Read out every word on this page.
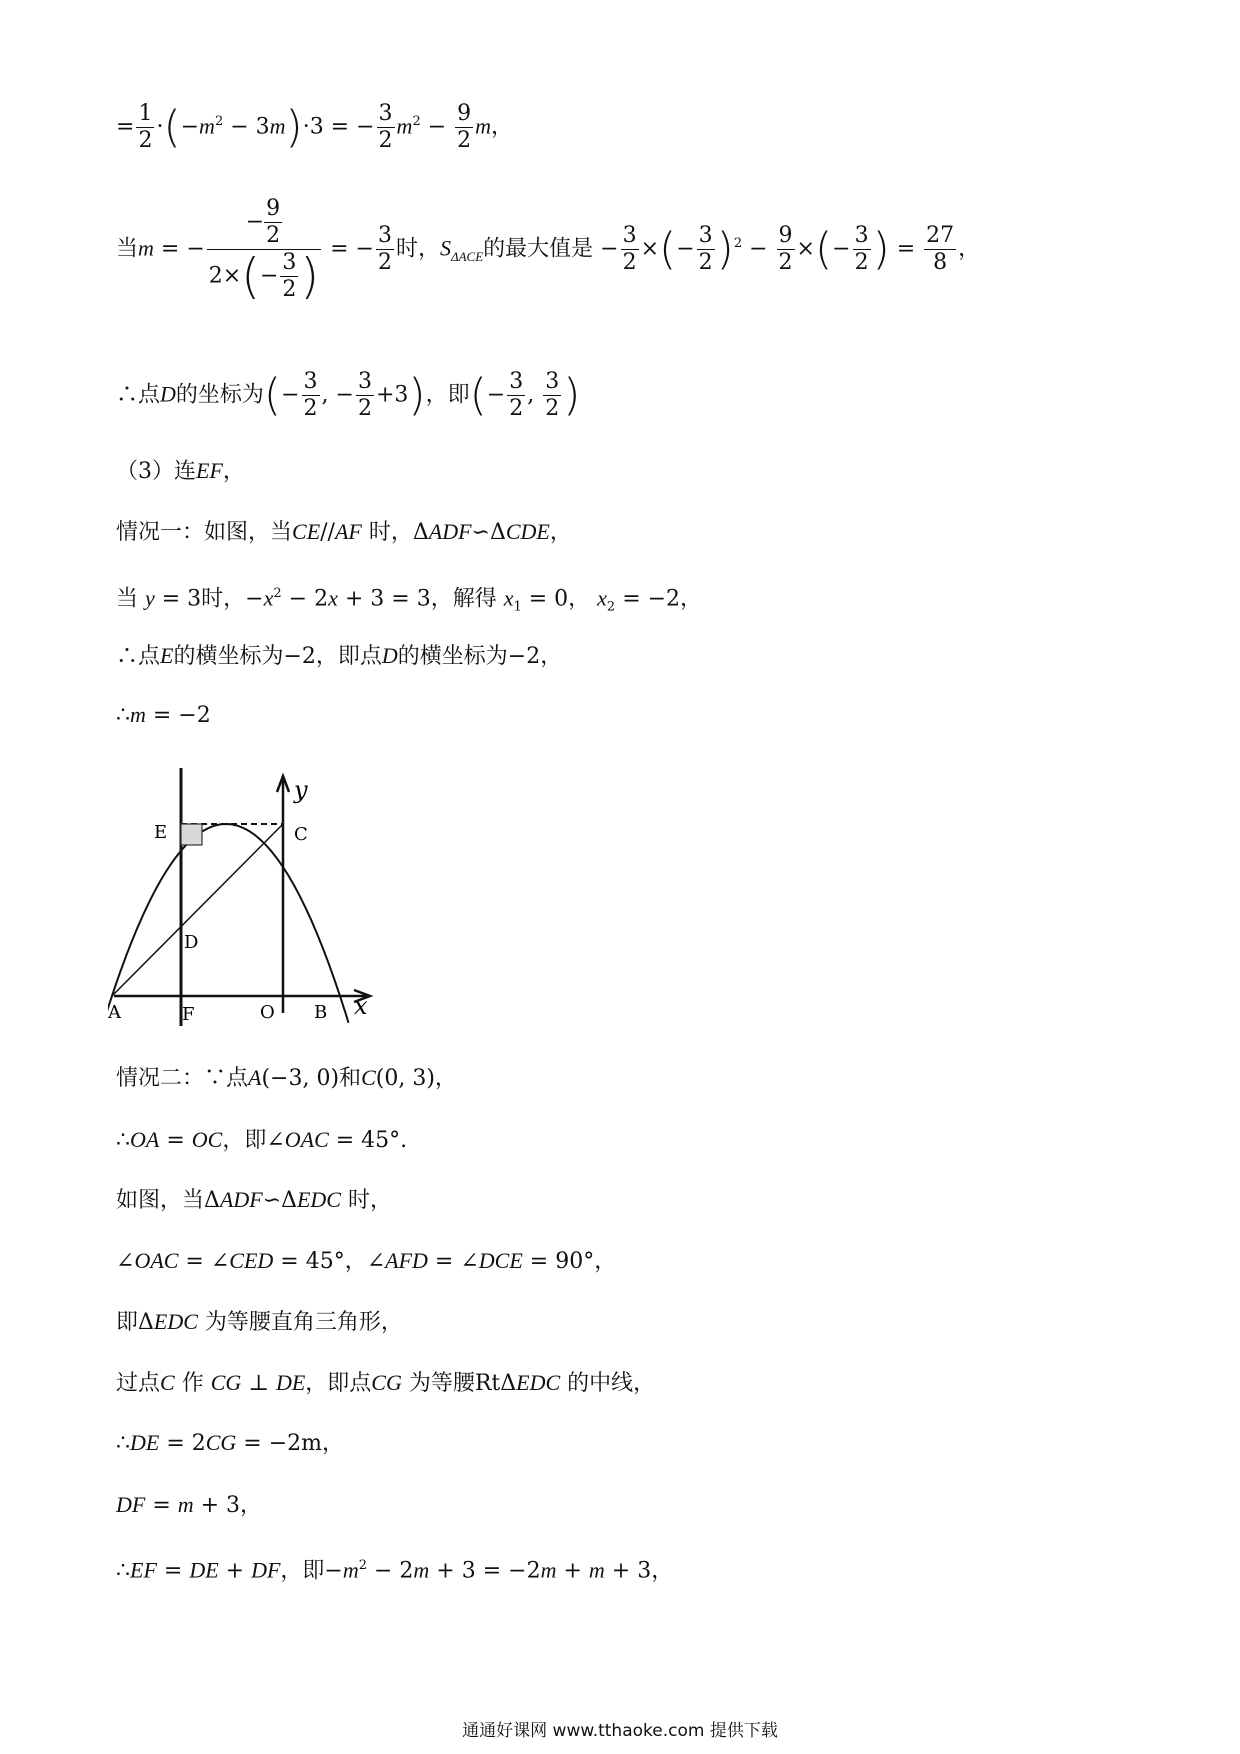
= $\frac{1}{2} \cdot(-m^2 - 3m)\cdot 3$ = − $\frac{3}{2} m^2 - \frac{9}{2}$ m，
当m = − $\frac{- \frac{9}{2}}{2\times(- \frac{3}{2} )}$ = − $\frac{3}{2}$ 时，$S_{\Delta ACE}$的最大值是 − $\frac{3}{2}$ ×(− $\frac{3}{2} )^2 - \frac{9}{2}$ ×(− $\frac{3}{2}$ ) = $\frac{27}{8}$ ，
∴点D的坐标为(− $\frac{3}{2}$ , − $\frac{3}{2} +3$)，即(− $\frac{3}{2}$ , $\frac{3}{2}$ )
（3）连EF，
情况一：如图，当CE//AF 时，ΔADF∽ΔCDE，
当 y = 3时，$-x^2 - 2x + 3 = 3$，解得 $x_1 = 0$， $x_2 = -2$，
∴点E的横坐标为−2，即点D的横坐标为−2，
∴m = −2
y
x
E	C
D
A	F	O B
情况二：∵点A(−3, 0)和C(0, 3)，
∴OA = OC，即∠OAC = 45°.
如图，当ΔADF∽ΔEDC 时，
∠OAC = ∠CED = 45°，∠AFD = ∠DCE = 90°，
即ΔEDC 为等腰直角三角形，
过点C 作 CG ⊥ DE，即点CG 为等腰RtΔEDC 的中线，
∴DE = 2CG = −2m，
DF = m + 3，
∴EF = DE + DF，即$-m^2 - 2m + 3 = -2m + m + 3$，
通通好课网 www.tthaoke.com 提供下载
